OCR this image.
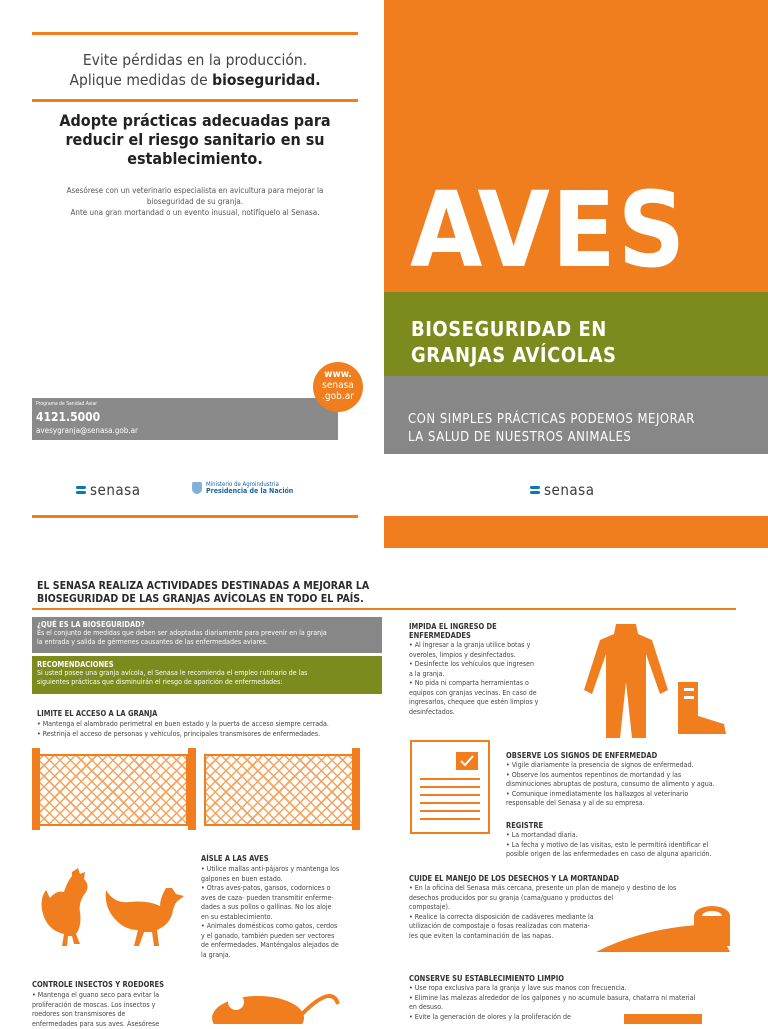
Evite pérdidas en la producción.
Aplique medidas de bioseguridad.
Adopte prácticas adecuadas para
reducir el riesgo sanitario en su
establecimiento.
Asesórese con un veterinario especialista en avicultura para mejorar la
bioseguridad de su granja.
Ante una gran mortandad o un evento inusual, notifíquelo al Senasa.
Programa de Sanidad Aviar
4121.5000
avesygranja@senasa.gob.ar
www.
senasa
.gob.ar
senasa	Ministerio de Agroindustria
Presidencia de la Nación
AVES
BIOSEGURIDAD EN
GRANJAS AVÍCOLAS
CON SIMPLES PRÁCTICAS PODEMOS MEJORAR
LA SALUD DE NUESTROS ANIMALES
senasa
EL SENASA REALIZA ACTIVIDADES DESTINADAS A MEJORAR LA
BIOSEGURIDAD DE LAS GRANJAS AVÍCOLAS EN TODO EL PAÍS.
¿QUÉ ES LA BIOSEGURIDAD?
Es el conjunto de medidas que deben ser adoptadas diariamente para prevenir en la granja
la entrada y salida de gérmenes causantes de las enfermedades aviares.
RECOMENDACIONES
Si usted posee una granja avícola, el Senasa le recomienda el empleo rutinario de las
siguientes prácticas que disminuirán el riesgo de aparición de enfermedades:
LIMITE EL ACCESO A LA GRANJA
• Mantenga el alambrado perimetral en buen estado y la puerta de acceso siempre cerrada.
• Restrinja el acceso de personas y vehículos, principales transmisores de enfermedades.
AÍSLE A LAS AVES
• Utilice mallas anti-pájaros y mantenga los
galpones en buen estado.
• Otras aves-patos, gansos, codornices o
aves de caza- pueden transmitir enferme-
dades a sus pollos o gallinas. No los aloje
en su establecimiento.
• Animales domésticos como gatos, cerdos
y el ganado, también pueden ser vectores
de enfermedades. Manténgalos alejados de
la granja.
CONTROLE INSECTOS Y ROEDORES
• Mantenga el guano seco para evitar la
proliferación de moscas. Los insectos y
roedores son transmisores de
enfermedades para sus aves. Asesórese
IMPIDA EL INGRESO DE
ENFERMEDADES
• Al ingresar a la granja utilice botas y
overoles, limpios y desinfectados.
• Desinfecte los vehículos que ingresen
a la granja.
• No pida ni comparta herramientas o
equipos con granjas vecinas. En caso de
ingresarlos, chequee que estén limpios y
desinfectados.
OBSERVE LOS SIGNOS DE ENFERMEDAD
• Vigile diariamente la presencia de signos de enfermedad.
• Observe los aumentos repentinos de mortandad y las
disminuciones abruptas de postura, consumo de alimento y agua.
• Comunique inmediatamente los hallazgos al veterinario
responsable del Senasa y al de su empresa.
REGISTRE
• La mortandad diaria.
• La fecha y motivo de las visitas, esto le permitirá identificar el
posible origen de las enfermedades en caso de alguna aparición.
CUIDE EL MANEJO DE LOS DESECHOS Y LA MORTANDAD
• En la oficina del Senasa más cercana, presente un plan de manejo y destino de los
desechos producidos por su granja (cama/guano y productos del
compostaje).
• Realice la correcta disposición de cadáveres mediante la
utilización de compostaje o fosas realizadas con materia-
les que eviten la contaminación de las napas.
CONSERVE SU ESTABLECIMIENTO LIMPIO
• Use ropa exclusiva para la granja y lave sus manos con frecuencia.
• Elimine las malezas alrededor de los galpones y no acumule basura, chatarra ni material
en desuso.
• Evite la generación de olores y la proliferación de
